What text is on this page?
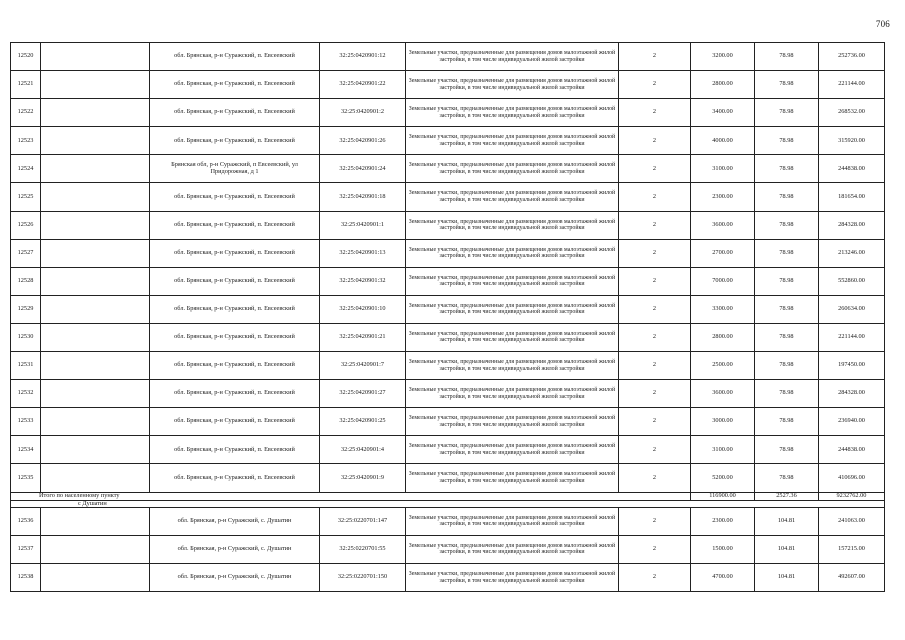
706
12520		обл. Брянская, р-н Суражский, п. Евсеевский	32:25:0420901:12	Земельные участки, предназначенные для размещения домов малоэтажной жилой застройки, в том числе индивидуальной жилой застройки	2	3200.00	78.98	252736.00
12521		обл. Брянская, р-н Суражский, п. Евсеевский	32:25:0420901:22	Земельные участки, предназначенные для размещения домов малоэтажной жилой застройки, в том числе индивидуальной жилой застройки	2	2800.00	78.98	221144.00
12522		обл. Брянская, р-н Суражский, п. Евсеевский	32:25:0420901:2	Земельные участки, предназначенные для размещения домов малоэтажной жилой застройки, в том числе индивидуальной жилой застройки	2	3400.00	78.98	268532.00
12523		обл. Брянская, р-н Суражский, п. Евсеевский	32:25:0420901:26	Земельные участки, предназначенные для размещения домов малоэтажной жилой застройки, в том числе индивидуальной жилой застройки	2	4000.00	78.98	315920.00
12524		Брянская обл, р-н Суражский, п Евсеевский, ул Придорожная, д 1	32:25:0420901:24	Земельные участки, предназначенные для размещения домов малоэтажной жилой застройки, в том числе индивидуальной жилой застройки	2	3100.00	78.98	244838.00
12525		обл. Брянская, р-н Суражский, п. Евсеевский	32:25:0420901:18	Земельные участки, предназначенные для размещения домов малоэтажной жилой застройки, в том числе индивидуальной жилой застройки	2	2300.00	78.98	181654.00
12526		обл. Брянская, р-н Суражский, п. Евсеевский	32:25:0420901:1	Земельные участки, предназначенные для размещения домов малоэтажной жилой застройки, в том числе индивидуальной жилой застройки	2	3600.00	78.98	284328.00
12527		обл. Брянская, р-н Суражский, п. Евсеевский	32:25:0420901:13	Земельные участки, предназначенные для размещения домов малоэтажной жилой застройки, в том числе индивидуальной жилой застройки	2	2700.00	78.98	213246.00
12528		обл. Брянская, р-н Суражский, п. Евсеевский	32:25:0420901:32	Земельные участки, предназначенные для размещения домов малоэтажной жилой застройки, в том числе индивидуальной жилой застройки	2	7000.00	78.98	552860.00
12529		обл. Брянская, р-н Суражский, п. Евсеевский	32:25:0420901:10	Земельные участки, предназначенные для размещения домов малоэтажной жилой застройки, в том числе индивидуальной жилой застройки	2	3300.00	78.98	260634.00
12530		обл. Брянская, р-н Суражский, п. Евсеевский	32:25:0420901:21	Земельные участки, предназначенные для размещения домов малоэтажной жилой застройки, в том числе индивидуальной жилой застройки	2	2800.00	78.98	221144.00
12531		обл. Брянская, р-н Суражский, п. Евсеевский	32:25:0420901:7	Земельные участки, предназначенные для размещения домов малоэтажной жилой застройки, в том числе индивидуальной жилой застройки	2	2500.00	78.98	197450.00
12532		обл. Брянская, р-н Суражский, п. Евсеевский	32:25:0420901:27	Земельные участки, предназначенные для размещения домов малоэтажной жилой застройки, в том числе индивидуальной жилой застройки	2	3600.00	78.98	284328.00
12533		обл. Брянская, р-н Суражский, п. Евсеевский	32:25:0420901:25	Земельные участки, предназначенные для размещения домов малоэтажной жилой застройки, в том числе индивидуальной жилой застройки	2	3000.00	78.98	236940.00
12534		обл. Брянская, р-н Суражский, п. Евсеевский	32:25:0420901:4	Земельные участки, предназначенные для размещения домов малоэтажной жилой застройки, в том числе индивидуальной жилой застройки	2	3100.00	78.98	244838.00
12535		обл. Брянская, р-н Суражский, п. Евсеевский	32:25:0420901:9	Земельные участки, предназначенные для размещения домов малоэтажной жилой застройки, в том числе индивидуальной жилой застройки	2	5200.00	78.98	410696.00
Итого по населенному пункту						116900.00	2527.36	9232762.00
с Душатин								
12536		обл. Брянская, р-н Суражский, с. Душатин	32:25:0220701:147	Земельные участки, предназначенные для размещения домов малоэтажной жилой застройки, в том числе индивидуальной жилой застройки	2	2300.00	104.81	241063.00
12537		обл. Брянская, р-н Суражский, с. Душатин	32:25:0220701:55	Земельные участки, предназначенные для размещения домов малоэтажной жилой застройки, в том числе индивидуальной жилой застройки	2	1500.00	104.81	157215.00
12538		обл. Брянская, р-н Суражский, с. Душатин	32:25:0220701:150	Земельные участки, предназначенные для размещения домов малоэтажной жилой застройки, в том числе индивидуальной жилой застройки	2	4700.00	104.81	492607.00
